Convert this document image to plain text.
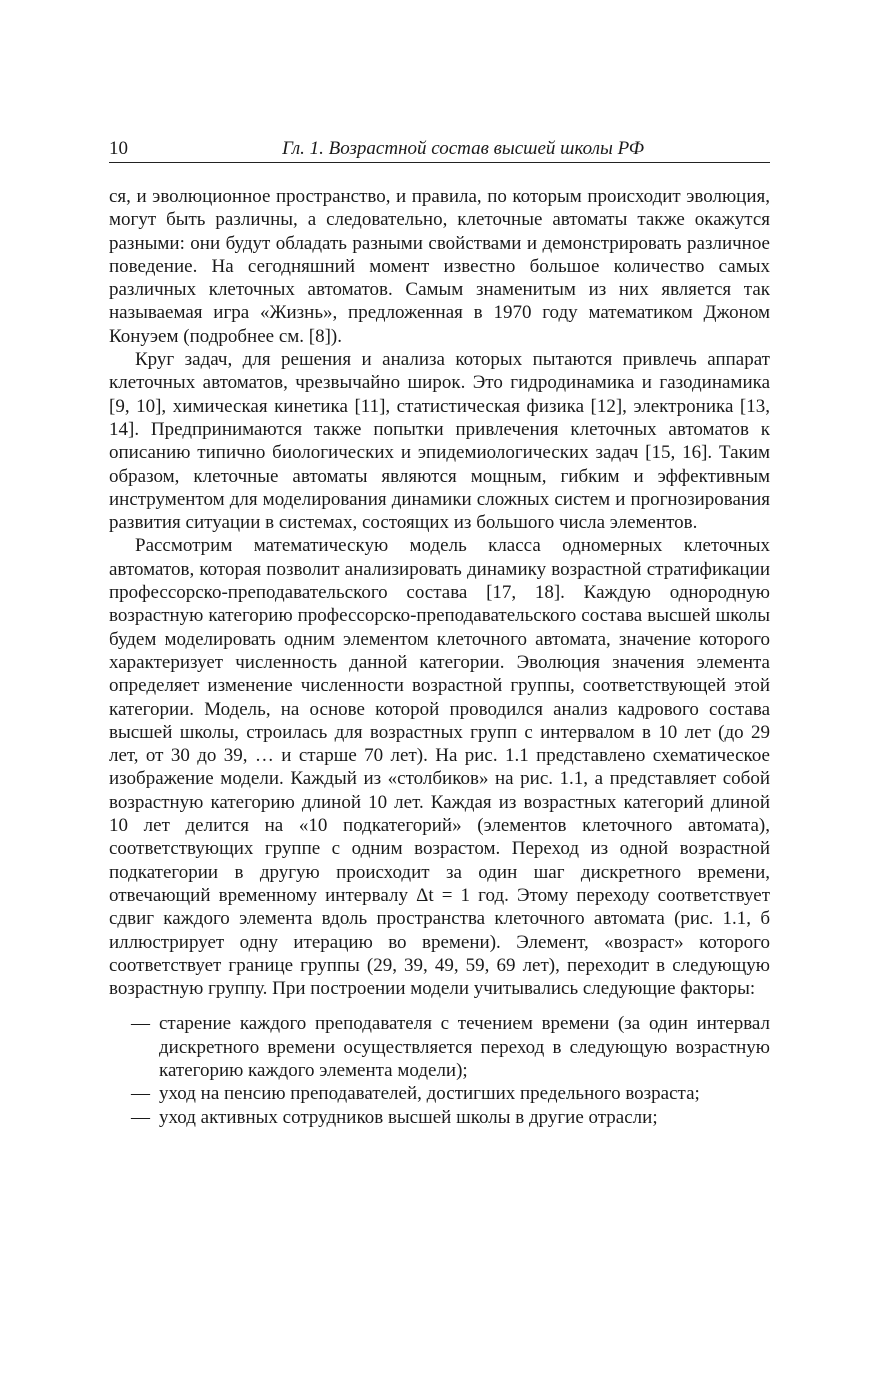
10	Гл. 1. Возрастной состав высшей школы РФ

ся, и эволюционное пространство, и правила, по которым происходит эволюция, могут быть различны, а следовательно, клеточные автоматы также окажутся разными: они будут обладать разными свойствами и демонстрировать различное поведение. На сегодняшний момент известно большое количество самых различных клеточных автоматов. Самым знаменитым из них является так называемая игра «Жизнь», предложенная в 1970 году математиком Джоном Конуэем (подробнее см. [8]).

Круг задач, для решения и анализа которых пытаются привлечь аппарат клеточных автоматов, чрезвычайно широк. Это гидродинамика и газодинамика [9, 10], химическая кинетика [11], статистическая физика [12], электроника [13, 14]. Предпринимаются также попытки привлечения клеточных автоматов к описанию типично биологических и эпидемиологических задач [15, 16]. Таким образом, клеточные автоматы являются мощным, гибким и эффективным инструментом для моделирования динамики сложных систем и прогнозирования развития ситуации в системах, состоящих из большого числа элементов.

Рассмотрим математическую модель класса одномерных клеточных автоматов, которая позволит анализировать динамику возрастной стратификации профессорско-преподавательского состава [17, 18]. Каждую однородную возрастную категорию профессорско-преподавательского состава высшей школы будем моделировать одним элементом клеточного автомата, значение которого характеризует численность данной категории. Эволюция значения элемента определяет изменение численности возрастной группы, соответствующей этой категории. Модель, на основе которой проводился анализ кадрового состава высшей школы, строилась для возрастных групп с интервалом в 10 лет (до 29 лет, от 30 до 39, … и старше 70 лет). На рис. 1.1 представлено схематическое изображение модели. Каждый из «столбиков» на рис. 1.1, а представляет собой возрастную категорию длиной 10 лет. Каждая из возрастных категорий длиной 10 лет делится на «10 подкатегорий» (элементов клеточного автомата), соответствующих группе с одним возрастом. Переход из одной возрастной подкатегории в другую происходит за один шаг дискретного времени, отвечающий временному интервалу Δt = 1 год. Этому переходу соответствует сдвиг каждого элемента вдоль пространства клеточного автомата (рис. 1.1, б иллюстрирует одну итерацию во времени). Элемент, «возраст» которого соответствует границе группы (29, 39, 49, 59, 69 лет), переходит в следующую возрастную группу. При построении модели учитывались следующие факторы:

— старение каждого преподавателя с течением времени (за один интервал дискретного времени осуществляется переход в следующую возрастную категорию каждого элемента модели);
— уход на пенсию преподавателей, достигших предельного возраста;
— уход активных сотрудников высшей школы в другие отрасли;
